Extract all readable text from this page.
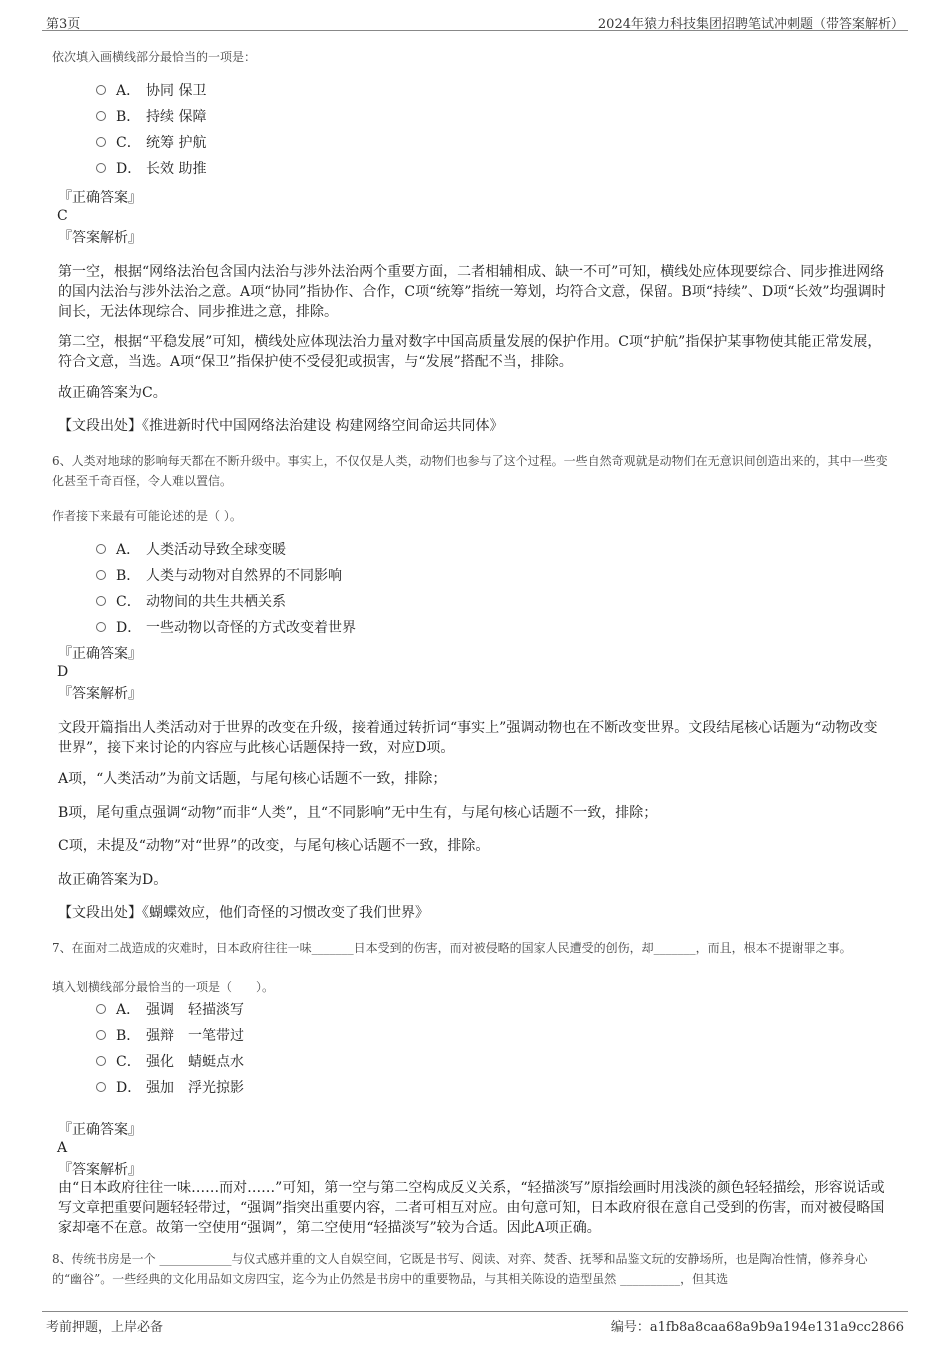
第3页	2024年猿力科技集团招聘笔试冲刺题（带答案解析）
依次填入画横线部分最恰当的一项是：
A． 协同 保卫
B． 持续 保障
C． 统筹 护航
D． 长效 助推
『正确答案』
C
『答案解析』
第一空，根据“网络法治包含国内法治与涉外法治两个重要方面，二者相辅相成、缺一不可”可知，横线处应体现要综合、同步推进网络的国内法治与涉外法治之意。A项“协同”指协作、合作，C项“统筹”指统一筹划，均符合文意，保留。B项“持续”、D项“长效”均强调时间长，无法体现综合、同步推进之意，排除。
第二空，根据“平稳发展”可知，横线处应体现法治力量对数字中国高质量发展的保护作用。C项“护航”指保护某事物使其能正常发展，符合文意，当选。A项“保卫”指保护使不受侵犯或损害，与“发展”搭配不当，排除。
故正确答案为C。
【文段出处】《推进新时代中国网络法治建设 构建网络空间命运共同体》
6、人类对地球的影响每天都在不断升级中。事实上，不仅仅是人类，动物们也参与了这个过程。一些自然奇观就是动物们在无意识间创造出来的，其中一些变化甚至千奇百怪，令人难以置信。
作者接下来最有可能论述的是（ ）。
A． 人类活动导致全球变暖
B． 人类与动物对自然界的不同影响
C． 动物间的共生共栖关系
D． 一些动物以奇怪的方式改变着世界
『正确答案』
D
『答案解析』
文段开篇指出人类活动对于世界的改变在升级，接着通过转折词“事实上”强调动物也在不断改变世界。文段结尾核心话题为“动物改变世界”，接下来讨论的内容应与此核心话题保持一致，对应D项。
A项，“人类活动”为前文话题，与尾句核心话题不一致，排除；
B项，尾句重点强调“动物”而非“人类”，且“不同影响”无中生有，与尾句核心话题不一致，排除；
C项，未提及“动物”对“世界”的改变，与尾句核心话题不一致，排除。
故正确答案为D。
【文段出处】《蝴蝶效应，他们奇怪的习惯改变了我们世界》
7、在面对二战造成的灾难时，日本政府往往一味_______日本受到的伤害，而对被侵略的国家人民遭受的创伤，却_______，而且，根本不提谢罪之事。
填入划横线部分最恰当的一项是（　　）。
A． 强调 轻描淡写
B． 强辩 一笔带过
C． 强化 蜻蜓点水
D． 强加 浮光掠影
『正确答案』
A
『答案解析』
由“日本政府往往一味……而对……”可知，第一空与第二空构成反义关系，“轻描淡写”原指绘画时用浅淡的颜色轻轻描绘，形容说话或写文章把重要问题轻轻带过，“强调”指突出重要内容，二者可相互对应。由句意可知，日本政府很在意自己受到的伤害，而对被侵略国家却毫不在意。故第一空使用“强调”，第二空使用“轻描淡写”较为合适。因此A项正确。
8、传统书房是一个 ____________与仪式感并重的文人自娱空间，它既是书写、阅读、对弈、焚香、抚琴和品鉴文玩的安静场所，也是陶冶性情，修养身心的“幽谷”。一些经典的文化用品如文房四宝，迄今为止仍然是书房中的重要物品，与其相关陈设的造型虽然 __________，但其选
考前押题，上岸必备	编号：a1fb8a8caa68a9b9a194e131a9cc2866
